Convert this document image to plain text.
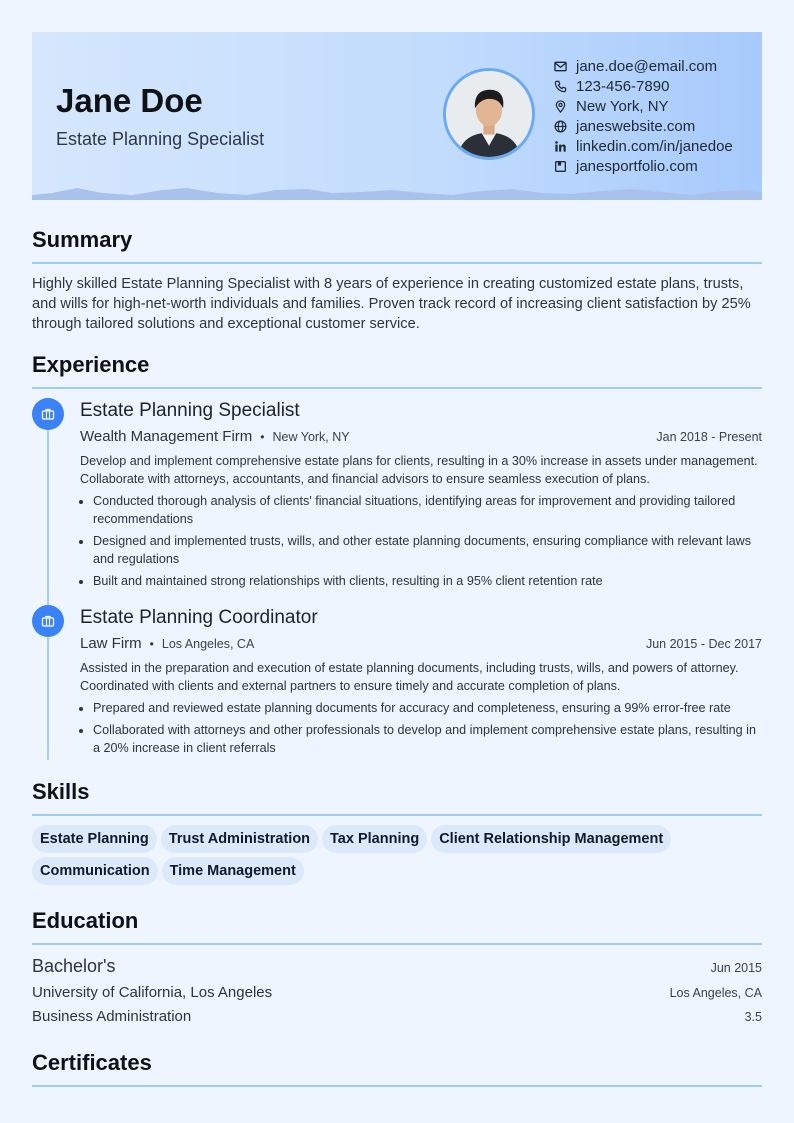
Jane Doe
Estate Planning Specialist
jane.doe@email.com
123-456-7890
New York, NY
janeswebsite.com
linkedin.com/in/janedoe
janesportfolio.com
Summary
Highly skilled Estate Planning Specialist with 8 years of experience in creating customized estate plans, trusts, and wills for high-net-worth individuals and families. Proven track record of increasing client satisfaction by 25% through tailored solutions and exceptional customer service.
Experience
Estate Planning Specialist
Wealth Management Firm • New York, NY	Jan 2018 - Present
Develop and implement comprehensive estate plans for clients, resulting in a 30% increase in assets under management. Collaborate with attorneys, accountants, and financial advisors to ensure seamless execution of plans.
• Conducted thorough analysis of clients' financial situations, identifying areas for improvement and providing tailored recommendations
• Designed and implemented trusts, wills, and other estate planning documents, ensuring compliance with relevant laws and regulations
• Built and maintained strong relationships with clients, resulting in a 95% client retention rate
Estate Planning Coordinator
Law Firm • Los Angeles, CA	Jun 2015 - Dec 2017
Assisted in the preparation and execution of estate planning documents, including trusts, wills, and powers of attorney. Coordinated with clients and external partners to ensure timely and accurate completion of plans.
• Prepared and reviewed estate planning documents for accuracy and completeness, ensuring a 99% error-free rate
• Collaborated with attorneys and other professionals to develop and implement comprehensive estate plans, resulting in a 20% increase in client referrals
Skills
Estate Planning Trust Administration Tax Planning Client Relationship ManagementCommunication Time Management
Education
Bachelor's	Jun 2015
University of California, Los Angeles	Los Angeles, CA
Business Administration	3.5
Certificates
